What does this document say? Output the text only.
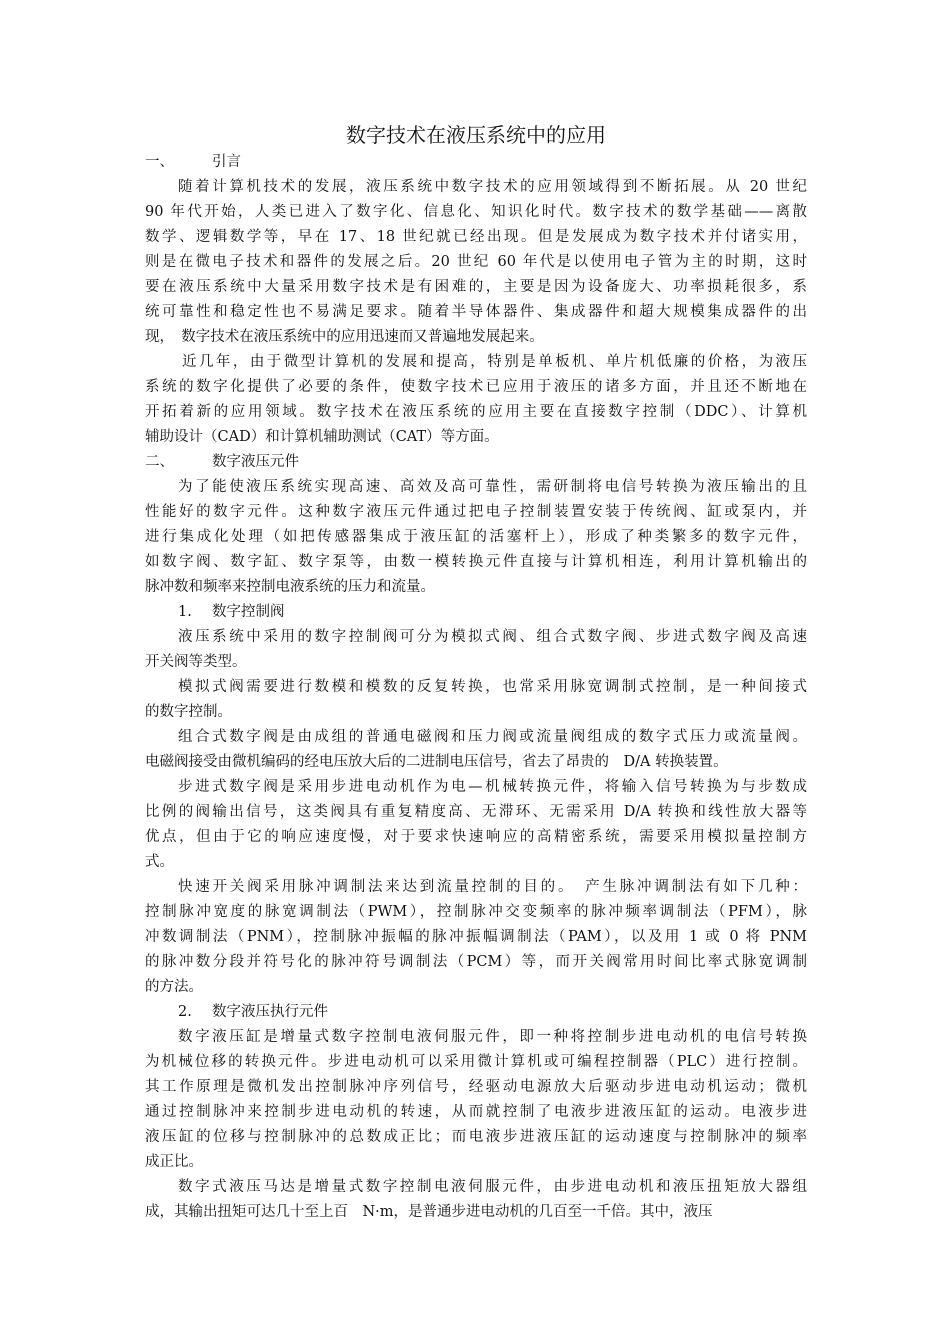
数字技术在液压系统中的应用
一、	引言
随着计算机技术的发展，液压系统中数字技术的应用领域得到不断拓展。从 20 世纪
90 年代开始，人类已进入了数字化、信息化、知识化时代。数字技术的数学基础——离散
数学、逻辑数学等，早在 17、18 世纪就已经出现。但是发展成为数字技术并付诸实用，
则是在微电子技术和器件的发展之后。20 世纪 60 年代是以使用电子管为主的时期，这时
要在液压系统中大量采用数字技术是有困难的，主要是因为设备庞大、功率损耗很多，系
统可靠性和稳定性也不易满足要求。随着半导体器件、集成器件和超大规模集成器件的出
现，　数字技术在液压系统中的应用迅速而又普遍地发展起来。
近几年，由于微型计算机的发展和提高，特别是单板机、单片机低廉的价格，为液压
系统的数字化提供了必要的条件，使数字技术已应用于液压的诸多方面，并且还不断地在
开拓着新的应用领域。数字技术在液压系统的应用主要在直接数字控制（DDC）、计算机
辅助设计（CAD）和计算机辅助测试（CAT）等方面。
二、	数字液压元件
为了能使液压系统实现高速、高效及高可靠性，需研制将电信号转换为液压输出的且
性能好的数字元件。这种数字液压元件通过把电子控制装置安装于传统阀、缸或泵内，并
进行集成化处理（如把传感器集成于液压缸的活塞杆上），形成了种类繁多的数字元件，
如数字阀、数字缸、数字泵等，由数一模转换元件直接与计算机相连，利用计算机输出的
脉冲数和频率来控制电液系统的压力和流量。
1. 数字控制阀
液压系统中采用的数字控制阀可分为模拟式阀、组合式数字阀、步进式数字阀及高速
开关阀等类型。
模拟式阀需要进行数模和模数的反复转换，也常采用脉宽调制式控制，是一种间接式
的数字控制。
组合式数字阀是由成组的普通电磁阀和压力阀或流量阀组成的数字式压力或流量阀。
电磁阀接受由微机编码的经电压放大后的二进制电压信号，省去了昂贵的　D/A 转换装置。
步进式数字阀是采用步进电动机作为电—机械转换元件，将输入信号转换为与步数成
比例的阀输出信号，这类阀具有重复精度高、无滞环、无需采用 D/A 转换和线性放大器等
优点，但由于它的响应速度慢，对于要求快速响应的高精密系统，需要采用模拟量控制方
式。
快速开关阀采用脉冲调制法来达到流量控制的目的。　产生脉冲调制法有如下几种：
控制脉冲宽度的脉宽调制法（PWM），控制脉冲交变频率的脉冲频率调制法（PFM），脉
冲数调制法（PNM），控制脉冲振幅的脉冲振幅调制法（PAM），以及用 1 或 0 将 PNM
的脉冲数分段并符号化的脉冲符号调制法（PCM）等，而开关阀常用时间比率式脉宽调制
的方法。
2. 数字液压执行元件
数字液压缸是增量式数字控制电液伺服元件，即一种将控制步进电动机的电信号转换
为机械位移的转换元件。步进电动机可以采用微计算机或可编程控制器（PLC）进行控制。
其工作原理是微机发出控制脉冲序列信号，经驱动电源放大后驱动步进电动机运动；微机
通过控制脉冲来控制步进电动机的转速，从而就控制了电液步进液压缸的运动。电液步进
液压缸的位移与控制脉冲的总数成正比；而电液步进液压缸的运动速度与控制脉冲的频率
成正比。
数字式液压马达是增量式数字控制电液伺服元件，由步进电动机和液压扭矩放大器组
成，其输出扭矩可达几十至上百　N·m，是普通步进电动机的几百至一千倍。其中，液压
